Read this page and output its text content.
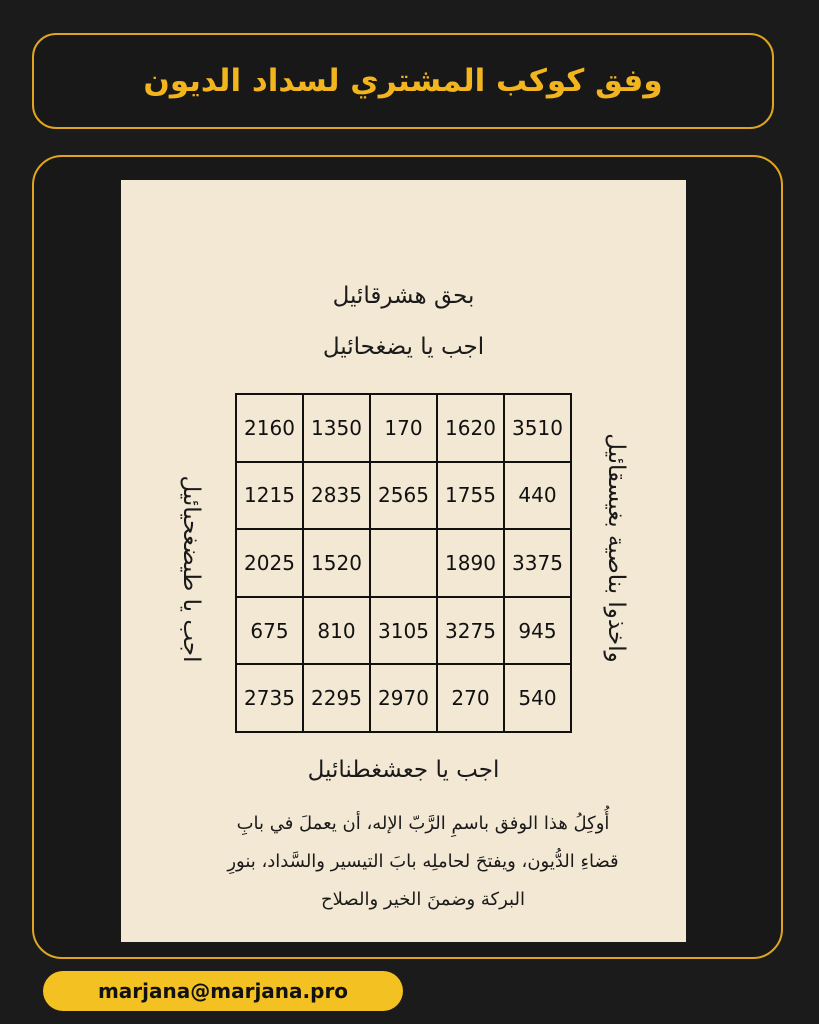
وفق كوكب المشتري لسداد الديون
بحق هشرقائيل
اجب يا يضغحائيل
اجب يا طيضغحيائيل	واخذوا بناصية بغيسقائيل
2160	1350	170	1620	3510
1215	2835	2565	1755	440
2025	1520		1890	3375
675	810	3105	3275	945
2735	2295	2970	270	540
اجب يا جعشغطنائيل
أُوكِلُ هذا الوفق باسمِ الرَّبّ الإله، أن يعملَ في بابِ قضاءِ الدُّيون، ويفتحَ لحاملِه بابَ التيسير والسَّداد، بنورِ البركة وضمنَ الخير والصلاح
marjana@marjana.pro
